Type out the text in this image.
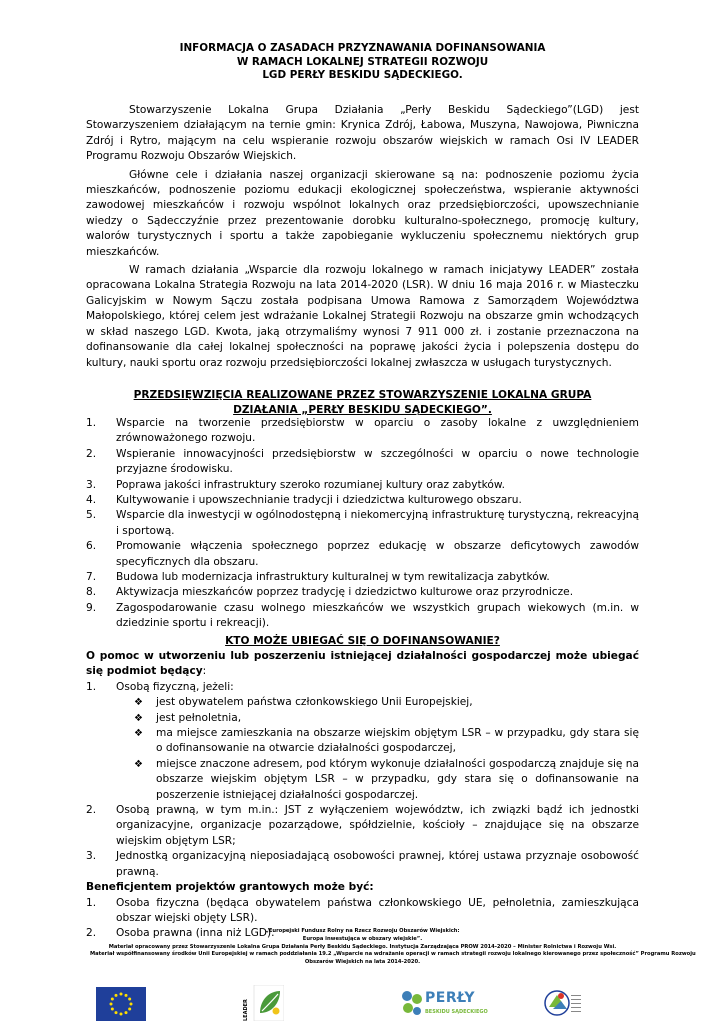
INFORMACJA O ZASADACH PRZYZNAWANIA DOFINANSOWANIA
W RAMACH LOKALNEJ STRATEGII ROZWOJU
LGD PERŁY BESKIDU SĄDECKIEGO.

Stowarzyszenie Lokalna Grupa Działania „Perły Beskidu Sądeckiego”(LGD) jest Stowarzyszeniem działającym na ternie gmin: Krynica Zdrój, Łabowa, Muszyna, Nawojowa, Piwniczna Zdrój i Rytro, mającym na celu wspieranie rozwoju obszarów wiejskich w ramach Osi IV LEADER Programu Rozwoju Obszarów Wiejskich.

Główne cele i działania naszej organizacji skierowane są na: podnoszenie poziomu życia mieszkańców, podnoszenie poziomu edukacji ekologicznej społeczeństwa, wspieranie aktywności zawodowej mieszkańców i rozwoju wspólnot lokalnych oraz przedsiębiorczości, upowszechnianie wiedzy o Sądecczyźnie przez prezentowanie dorobku kulturalno-społecznego, promocję kultury, walorów turystycznych i sportu a także zapobieganie wykluczeniu społecznemu niektórych grup mieszkańców.

W ramach działania „Wsparcie dla rozwoju lokalnego w ramach inicjatywy LEADER” została opracowana Lokalna Strategia Rozwoju na lata 2014-2020 (LSR). W dniu 16 maja 2016 r. w Miasteczku Galicyjskim w Nowym Sączu została podpisana Umowa Ramowa z Samorządem Województwa Małopolskiego, której celem jest wdrażanie Lokalnej Strategii Rozwoju na obszarze gmin wchodzących w skład naszego LGD. Kwota, jaką otrzymaliśmy wynosi 7 911 000 zł. i zostanie przeznaczona na dofinansowanie dla całej lokalnej społeczności na poprawę jakości życia i polepszenia dostępu do kultury, nauki sportu oraz rozwoju przedsiębiorczości lokalnej zwłaszcza w usługach turystycznych.

PRZEDSIĘWZIĘCIA REALIZOWANE PRZEZ STOWARZYSZENIE LOKALNA GRUPA
DZIAŁANIA „PERŁY BESKIDU SĄDECKIEGO”.
1. Wsparcie na tworzenie przedsiębiorstw w oparciu o zasoby lokalne z uwzględnieniem zrównoważonego rozwoju.
2. Wspieranie innowacyjności przedsiębiorstw w szczególności w oparciu o nowe technologie przyjazne środowisku.
3. Poprawa jakości infrastruktury szeroko rozumianej kultury oraz zabytków.
4. Kultywowanie i upowszechnianie tradycji i dziedzictwa kulturowego obszaru.
5. Wsparcie dla inwestycji w ogólnodostępną i niekomercyjną infrastrukturę turystyczną, rekreacyjną i sportową.
6. Promowanie włączenia społecznego poprzez edukację w obszarze deficytowych zawodów specyficznych dla obszaru.
7. Budowa lub modernizacja infrastruktury kulturalnej w tym rewitalizacja zabytków.
8. Aktywizacja mieszkańców poprzez tradycję i dziedzictwo kulturowe oraz przyrodnicze.
9. Zagospodarowanie czasu wolnego mieszkańców we wszystkich grupach wiekowych (m.in. w dziedzinie sportu i rekreacji).
KTO MOŻE UBIEGAĆ SIĘ O DOFINANSOWANIE?
O pomoc w utworzeniu lub poszerzeniu istniejącej działalności gospodarczej może ubiegać się podmiot będący:
1. Osobą fizyczną, jeżeli:
❖ jest obywatelem państwa członkowskiego Unii Europejskiej,
❖ jest pełnoletnia,
❖ ma miejsce zamieszkania na obszarze wiejskim objętym LSR – w przypadku, gdy stara się o dofinansowanie na otwarcie działalności gospodarczej,
❖ miejsce znaczone adresem, pod którym wykonuje działalności gospodarczą znajduje się na obszarze wiejskim objętym LSR – w przypadku, gdy stara się o dofinansowanie na poszerzenie istniejącej działalności gospodarczej.
2. Osobą prawną, w tym m.in.: JST z wyłączeniem województw, ich związki bądź ich jednostki organizacyjne, organizacje pozarządowe, spółdzielnie, kościoły – znajdujące się na obszarze wiejskim objętym LSR;
3. Jednostką organizacyjną nieposiadającą osobowości prawnej, której ustawa przyznaje osobowość prawną.
Beneficjentem projektów grantowych może być:
1. Osoba fizyczna (będąca obywatelem państwa członkowskiego UE, pełnoletnia, zamieszkująca obszar wiejski objęty LSR).
2. Osoba prawna (inna niż LGD).
„Europejski Fundusz Rolny na Rzecz Rozwoju Obszarów Wiejskich:
Europa inwestująca w obszary wiejskie”.
Materiał opracowany przez Stowarzyszenie Lokalna Grupa Działania Perły Beskidu Sądeckiego. Instytucja Zarządzająca PROW 2014-2020 – Minister Rolnictwa i Rozwoju Wsi.
Materiał współfinansowany środków Unii Europejskiej w ramach poddziałania 19.2 „Wsparcie na wdrażanie operacji w ramach strategii rozwoju lokalnego kierowanego przez społeczność” Programu Rozwoju
Obszarów Wiejskich na lata 2014-2020.
LEADER
PERŁY
BESKIDU SĄDECKIEGO
